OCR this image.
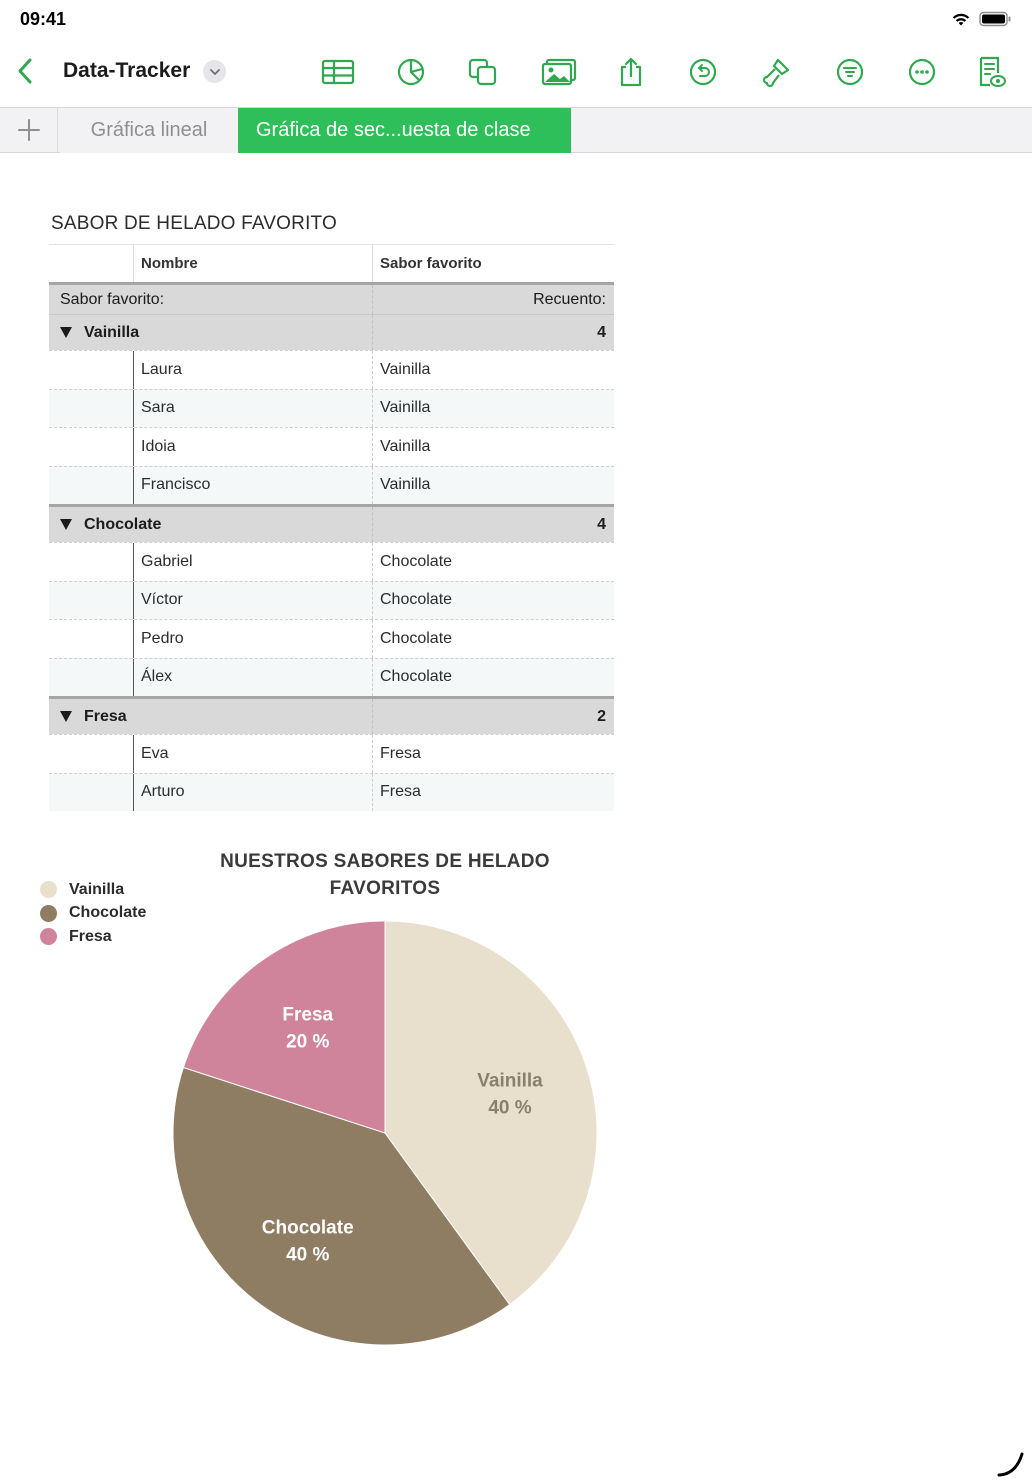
09:41
Data-Tracker
Gráfica lineal	Gráfica de sec...uesta de clase
SABOR DE HELADO FAVORITO
Nombre	Sabor favorito
Sabor favorito:	Recuento:
Vainilla	4
Laura	Vainilla
Sara	Vainilla
Idoia	Vainilla
Francisco	Vainilla
Chocolate	4
Gabriel	Chocolate
Víctor	Chocolate
Pedro	Chocolate
Álex	Chocolate
Fresa	2
Eva	Fresa
Arturo	Fresa
NUESTROS SABORES DE HELADO FAVORITOS
Vainilla
Chocolate
Fresa
Vainilla
40 %
Chocolate
40 %
Fresa
20 %
